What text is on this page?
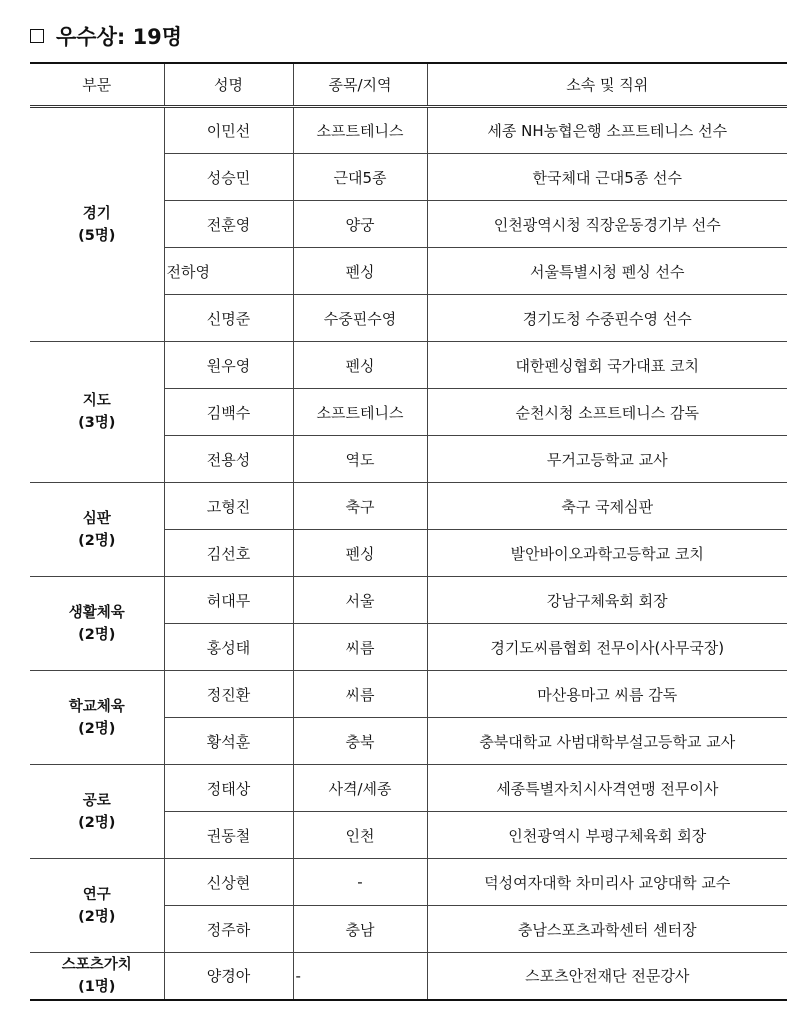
우수상: 19명
부문	성명	종목/지역	소속 및 직위

경기
(5명)	이민선	소프트테니스	세종 NH농협은행 소프트테니스 선수
	성승민	근대5종	한국체대 근대5종 선수
	전훈영	양궁	인천광역시청 직장운동경기부 선수
	전하영	펜싱	서울특별시청 펜싱 선수
	신명준	수중핀수영	경기도청 수중핀수영 선수

지도
(3명)	원우영	펜싱	대한펜싱협회 국가대표 코치
	김백수	소프트테니스	순천시청 소프트테니스 감독
	전용성	역도	무거고등학교 교사

심판
(2명)	고형진	축구	축구 국제심판
	김선호	펜싱	발안바이오과학고등학교 코치

생활체육
(2명)	허대무	서울	강남구체육회 회장
	홍성태	씨름	경기도씨름협회 전무이사(사무국장)

학교체육
(2명)	정진환	씨름	마산용마고 씨름 감독
	황석훈	충북	충북대학교 사범대학부설고등학교 교사

공로
(2명)	정태상	사격/세종	세종특별자치시사격연맹 전무이사
	권동철	인천	인천광역시 부평구체육회 회장

연구
(2명)	신상현	-	덕성여자대학 차미리사 교양대학 교수
	정주하	충남	충남스포츠과학센터 센터장

스포츠가치
(1명)	양경아	-	스포츠안전재단 전문강사
